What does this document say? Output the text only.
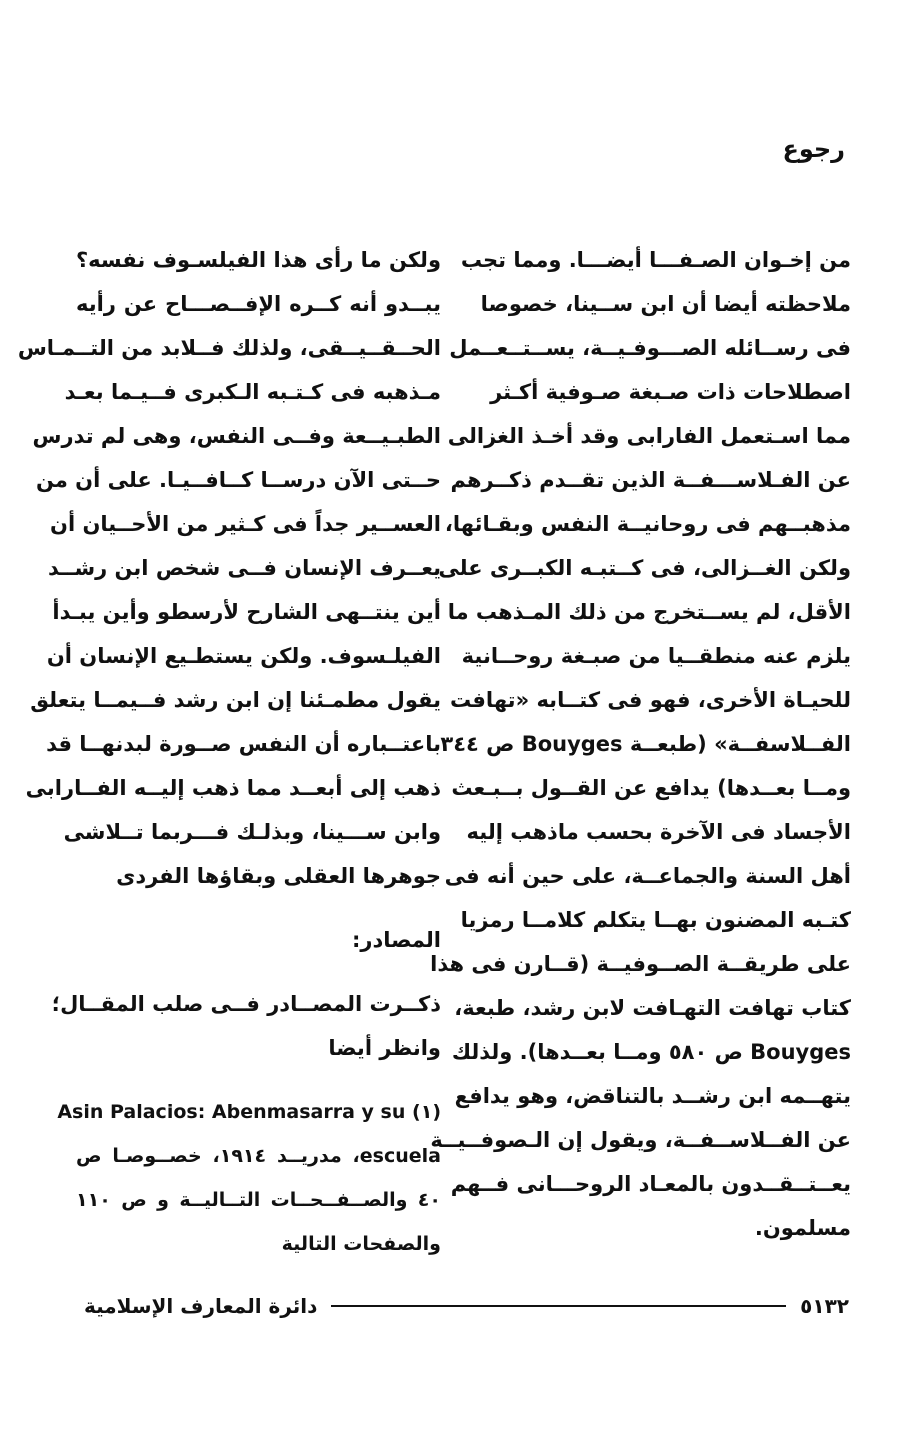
رجوع
من إخـوان الصـفـــا أيضـــا. ومما تجب
ملاحظته أيضا أن ابن ســينا، خصوصا
فى رســائله الصـــوفـيــة، يســتــعــمل
اصطلاحات ذات صـبغة صـوفية أكـثر
مما اسـتعمل الفارابى وقد أخـذ الغزالى
عن الفـلاســـفــة الذين تقــدم ذكــرهم
مذهبــهم فى روحانيــة النفس وبقـائها،
ولكن الغــزالى، فى كــتبـه الكبــرى على
الأقل، لم يســتخرج من ذلك المـذهب ما
يلزم عنه منطقــيا من صبـغة روحــانية
للحيـاة الأخرى، فهو فى كتــابه «تهافت
الفــلاسفــة» (طبعــة Bouyges ص ٣٤٤
ومــا بعــدها) يدافع عن القــول بــبـعث
الأجساد فى الآخرة بحسب ماذهب إليه
أهل السنة والجماعــة، على حين أنه فى
كتـبه المضنون بهــا يتكلم كلامــا رمزيا
على طريقــة الصــوفيــة (قــارن فى هذا
كتاب تهافت التهـافت لابن رشد، طبعة،
Bouyges ص ٥٨٠ ومــا بعــدها). ولذلك
يتهــمه ابن رشــد بالتناقض، وهو يدافع
عن الفــلاســفــة، ويقول إن الـصوفــيــة
يعــتــقــدون بالمعـاد الروحـــانى فــهم
مسلمون.
ولكن ما رأى هذا الفيلسـوف نفسه؟
يبــدو أنه كــره الإفــصـــاح عن رأيه
الحــقــيــقى، ولذلك فــلابد من التــمـاس
مـذهبه فى كـتـبه الـكبرى فــيـما بعـد
الطبـيــعة وفــى النفس، وهى لم تدرس
حــتى الآن درســا كــافــيـا. على أن من
العســير جداً فى كـثير من الأحــيان أن
يعــرف الإنسان فــى شخص ابن رشــد
أين ينتــهى الشارح لأرسطو وأين يبـدأ
الفيلـسوف. ولكن يستطـيع الإنسان أن
يقول مطمـئنا إن ابن رشد فــيمــا يتعلق
باعتــباره أن النفس صــورة لبدنهــا قد
ذهب إلى أبعــد مما ذهب إليــه الفــارابى
وابن ســـينا، وبذلـك فـــربما تــلاشى
جوهرها العقلى وبقاؤها الفردى
المصادر:
ذكــرت المصــادر فــى صلب المقــال؛
وانظر أيضا
(١) Asin Palacios: Abenmasarra y su
escuela، مدريــد ١٩١٤، خصــوصـا ص
٤٠ والصــفــحــات التــاليــة و ص ١١٠
والصفحات التالية
٥١٣٢
دائرة المعارف الإسلامية
